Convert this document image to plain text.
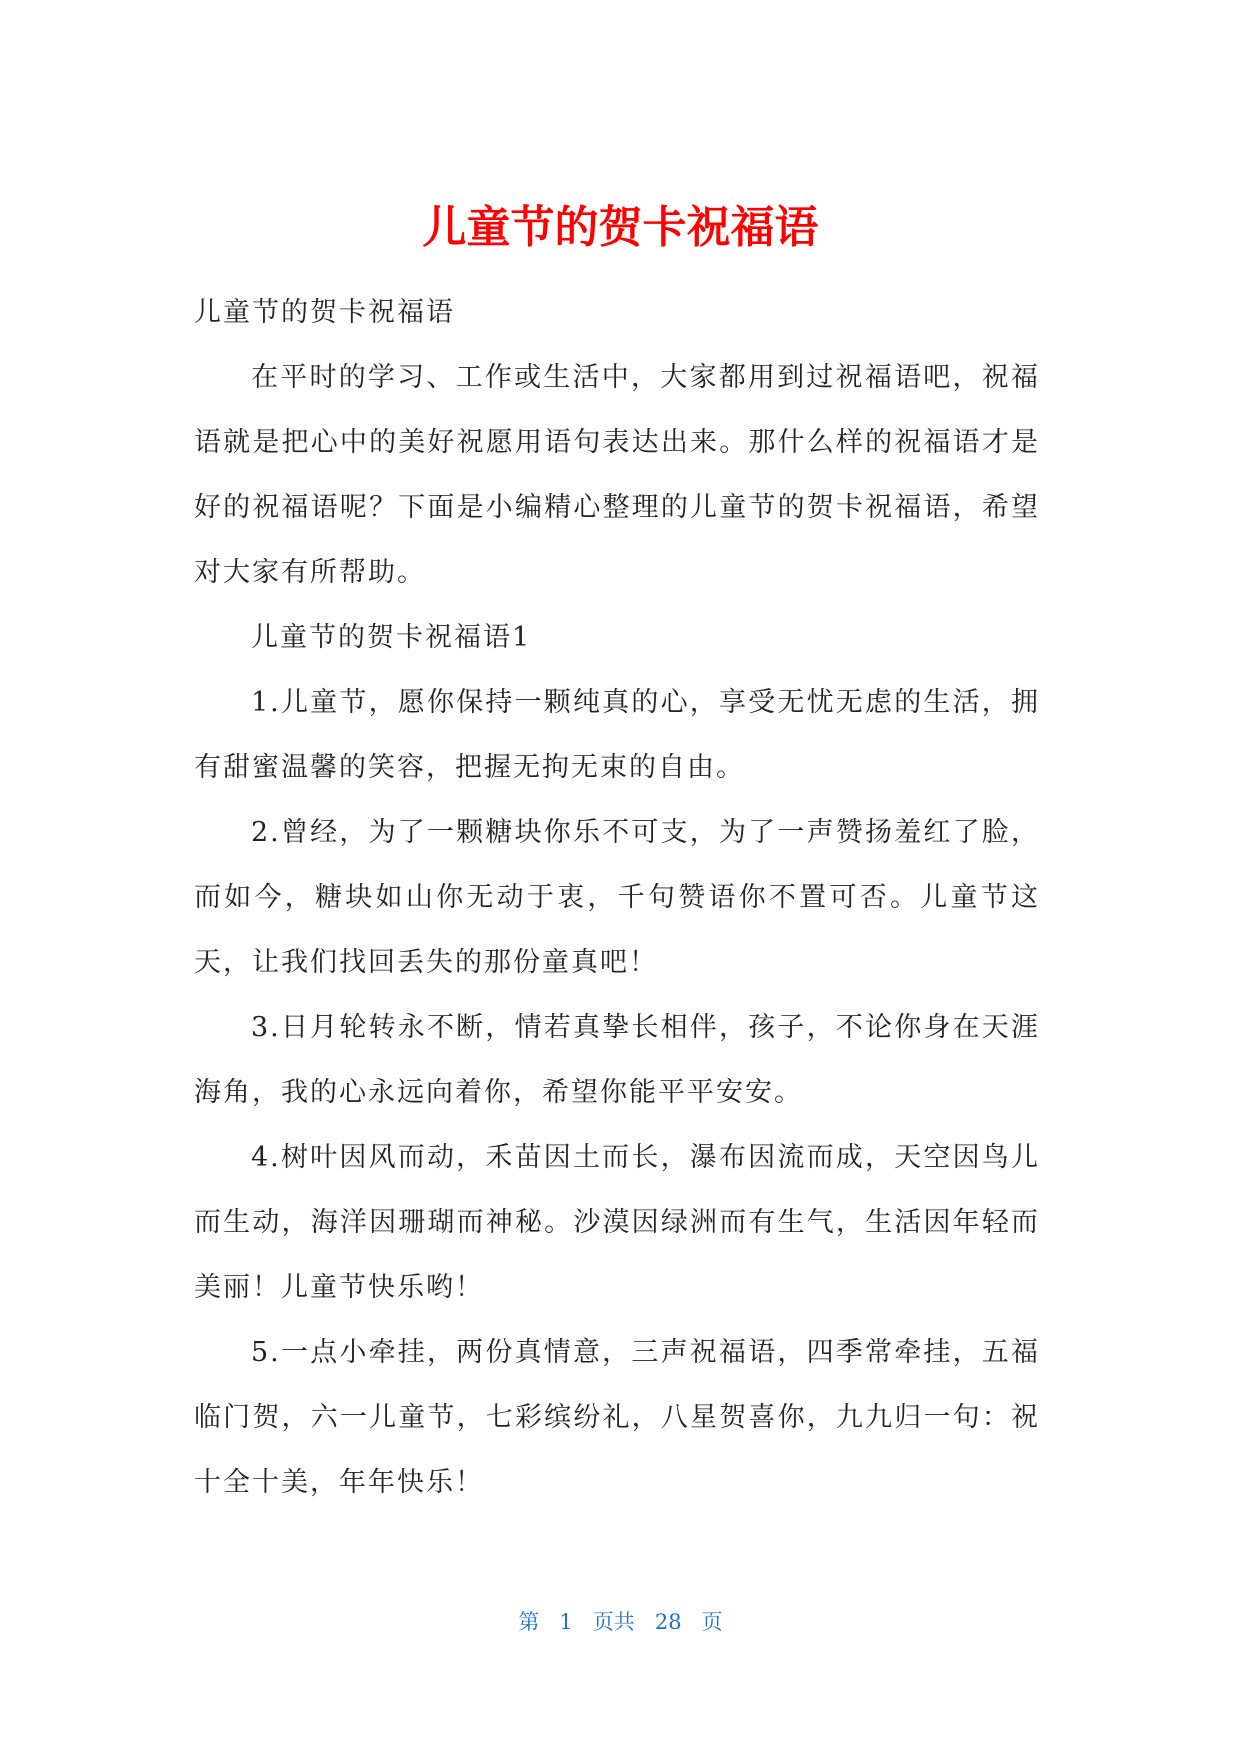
儿童节的贺卡祝福语

儿童节的贺卡祝福语

在平时的学习、工作或生活中，大家都用到过祝福语吧，祝福语就是把心中的美好祝愿用语句表达出来。那什么样的祝福语才是好的祝福语呢？下面是小编精心整理的儿童节的贺卡祝福语，希望对大家有所帮助。

儿童节的贺卡祝福语1

1.儿童节，愿你保持一颗纯真的心，享受无忧无虑的生活，拥有甜蜜温馨的笑容，把握无拘无束的自由。

2.曾经，为了一颗糖块你乐不可支，为了一声赞扬羞红了脸，而如今，糖块如山你无动于衷，千句赞语你不置可否。儿童节这天，让我们找回丢失的那份童真吧！

3.日月轮转永不断，情若真挚长相伴，孩子，不论你身在天涯海角，我的心永远向着你，希望你能平平安安。

4.树叶因风而动，禾苗因土而长，瀑布因流而成，天空因鸟儿而生动，海洋因珊瑚而神秘。沙漠因绿洲而有生气，生活因年轻而美丽！儿童节快乐哟！

5.一点小牵挂，两份真情意，三声祝福语，四季常牵挂，五福临门贺，六一儿童节，七彩缤纷礼，八星贺喜你，九九归一句：祝十全十美，年年快乐！

第 1 页共 28 页
